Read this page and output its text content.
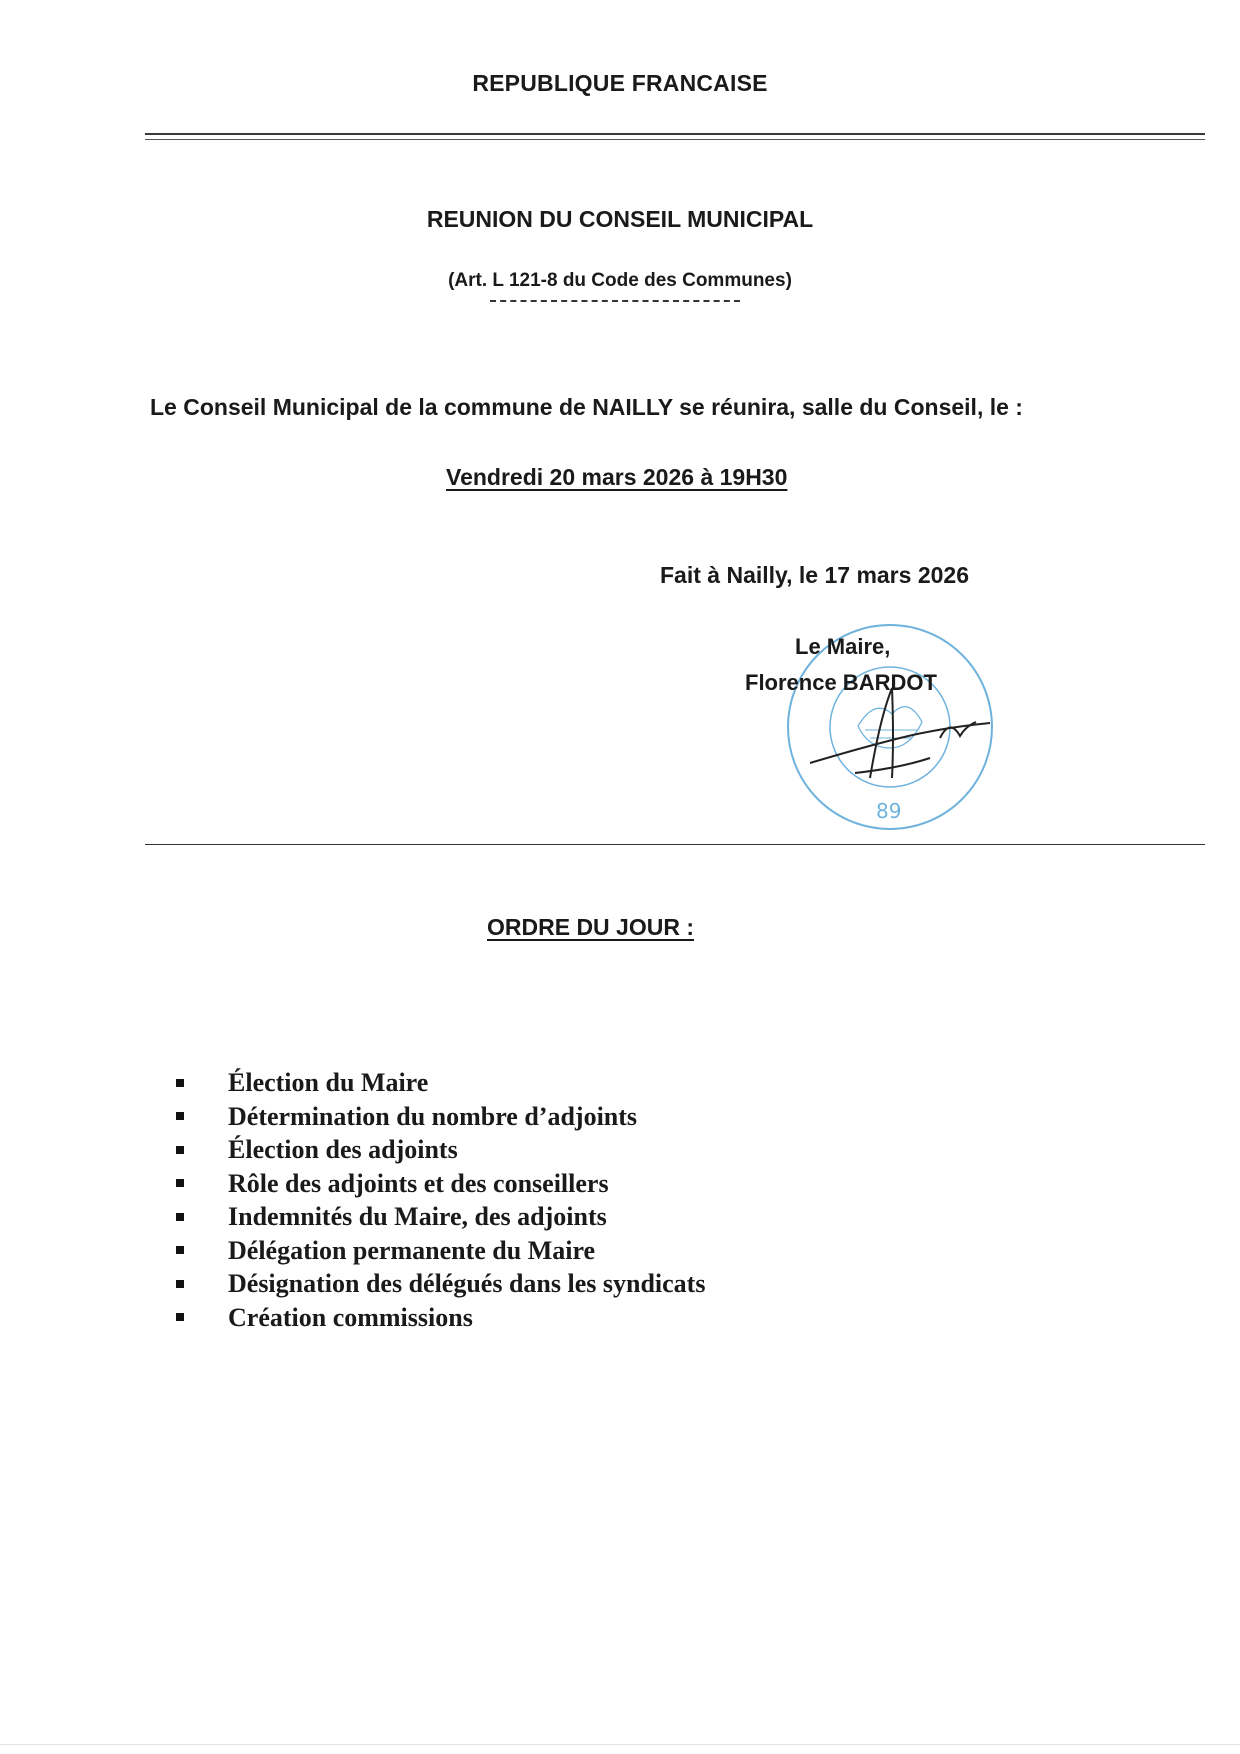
REPUBLIQUE FRANCAISE
REUNION DU CONSEIL MUNICIPAL
(Art. L 121-8 du Code des Communes)
Le Conseil Municipal de la commune de NAILLY se réunira, salle du Conseil, le :
Vendredi 20 mars 2026 à 19H30
Fait à Nailly, le 17 mars 2026
89
Le Maire,
Florence BARDOT
ORDRE DU JOUR :
Élection du Maire
Détermination du nombre d’adjoints
Élection des adjoints
Rôle des adjoints et des conseillers
Indemnités du Maire, des adjoints
Délégation permanente du Maire
Désignation des délégués dans les syndicats
Création commissions
